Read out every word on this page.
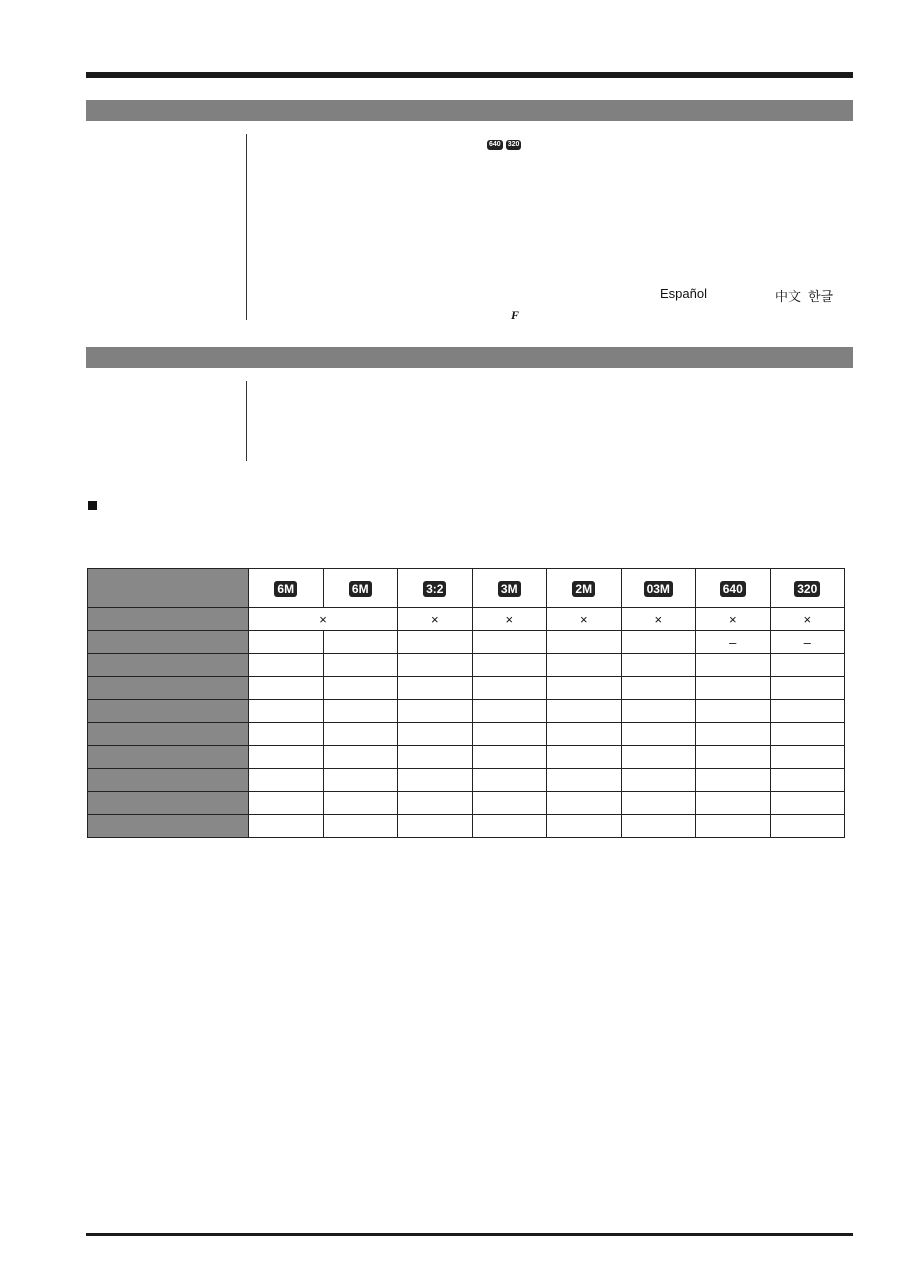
640 320
Español	中文 한글
F
	6M	6M	3:2	3M	2M	03M	640	320
	×		×	×	×	×	×	×
							–	–
